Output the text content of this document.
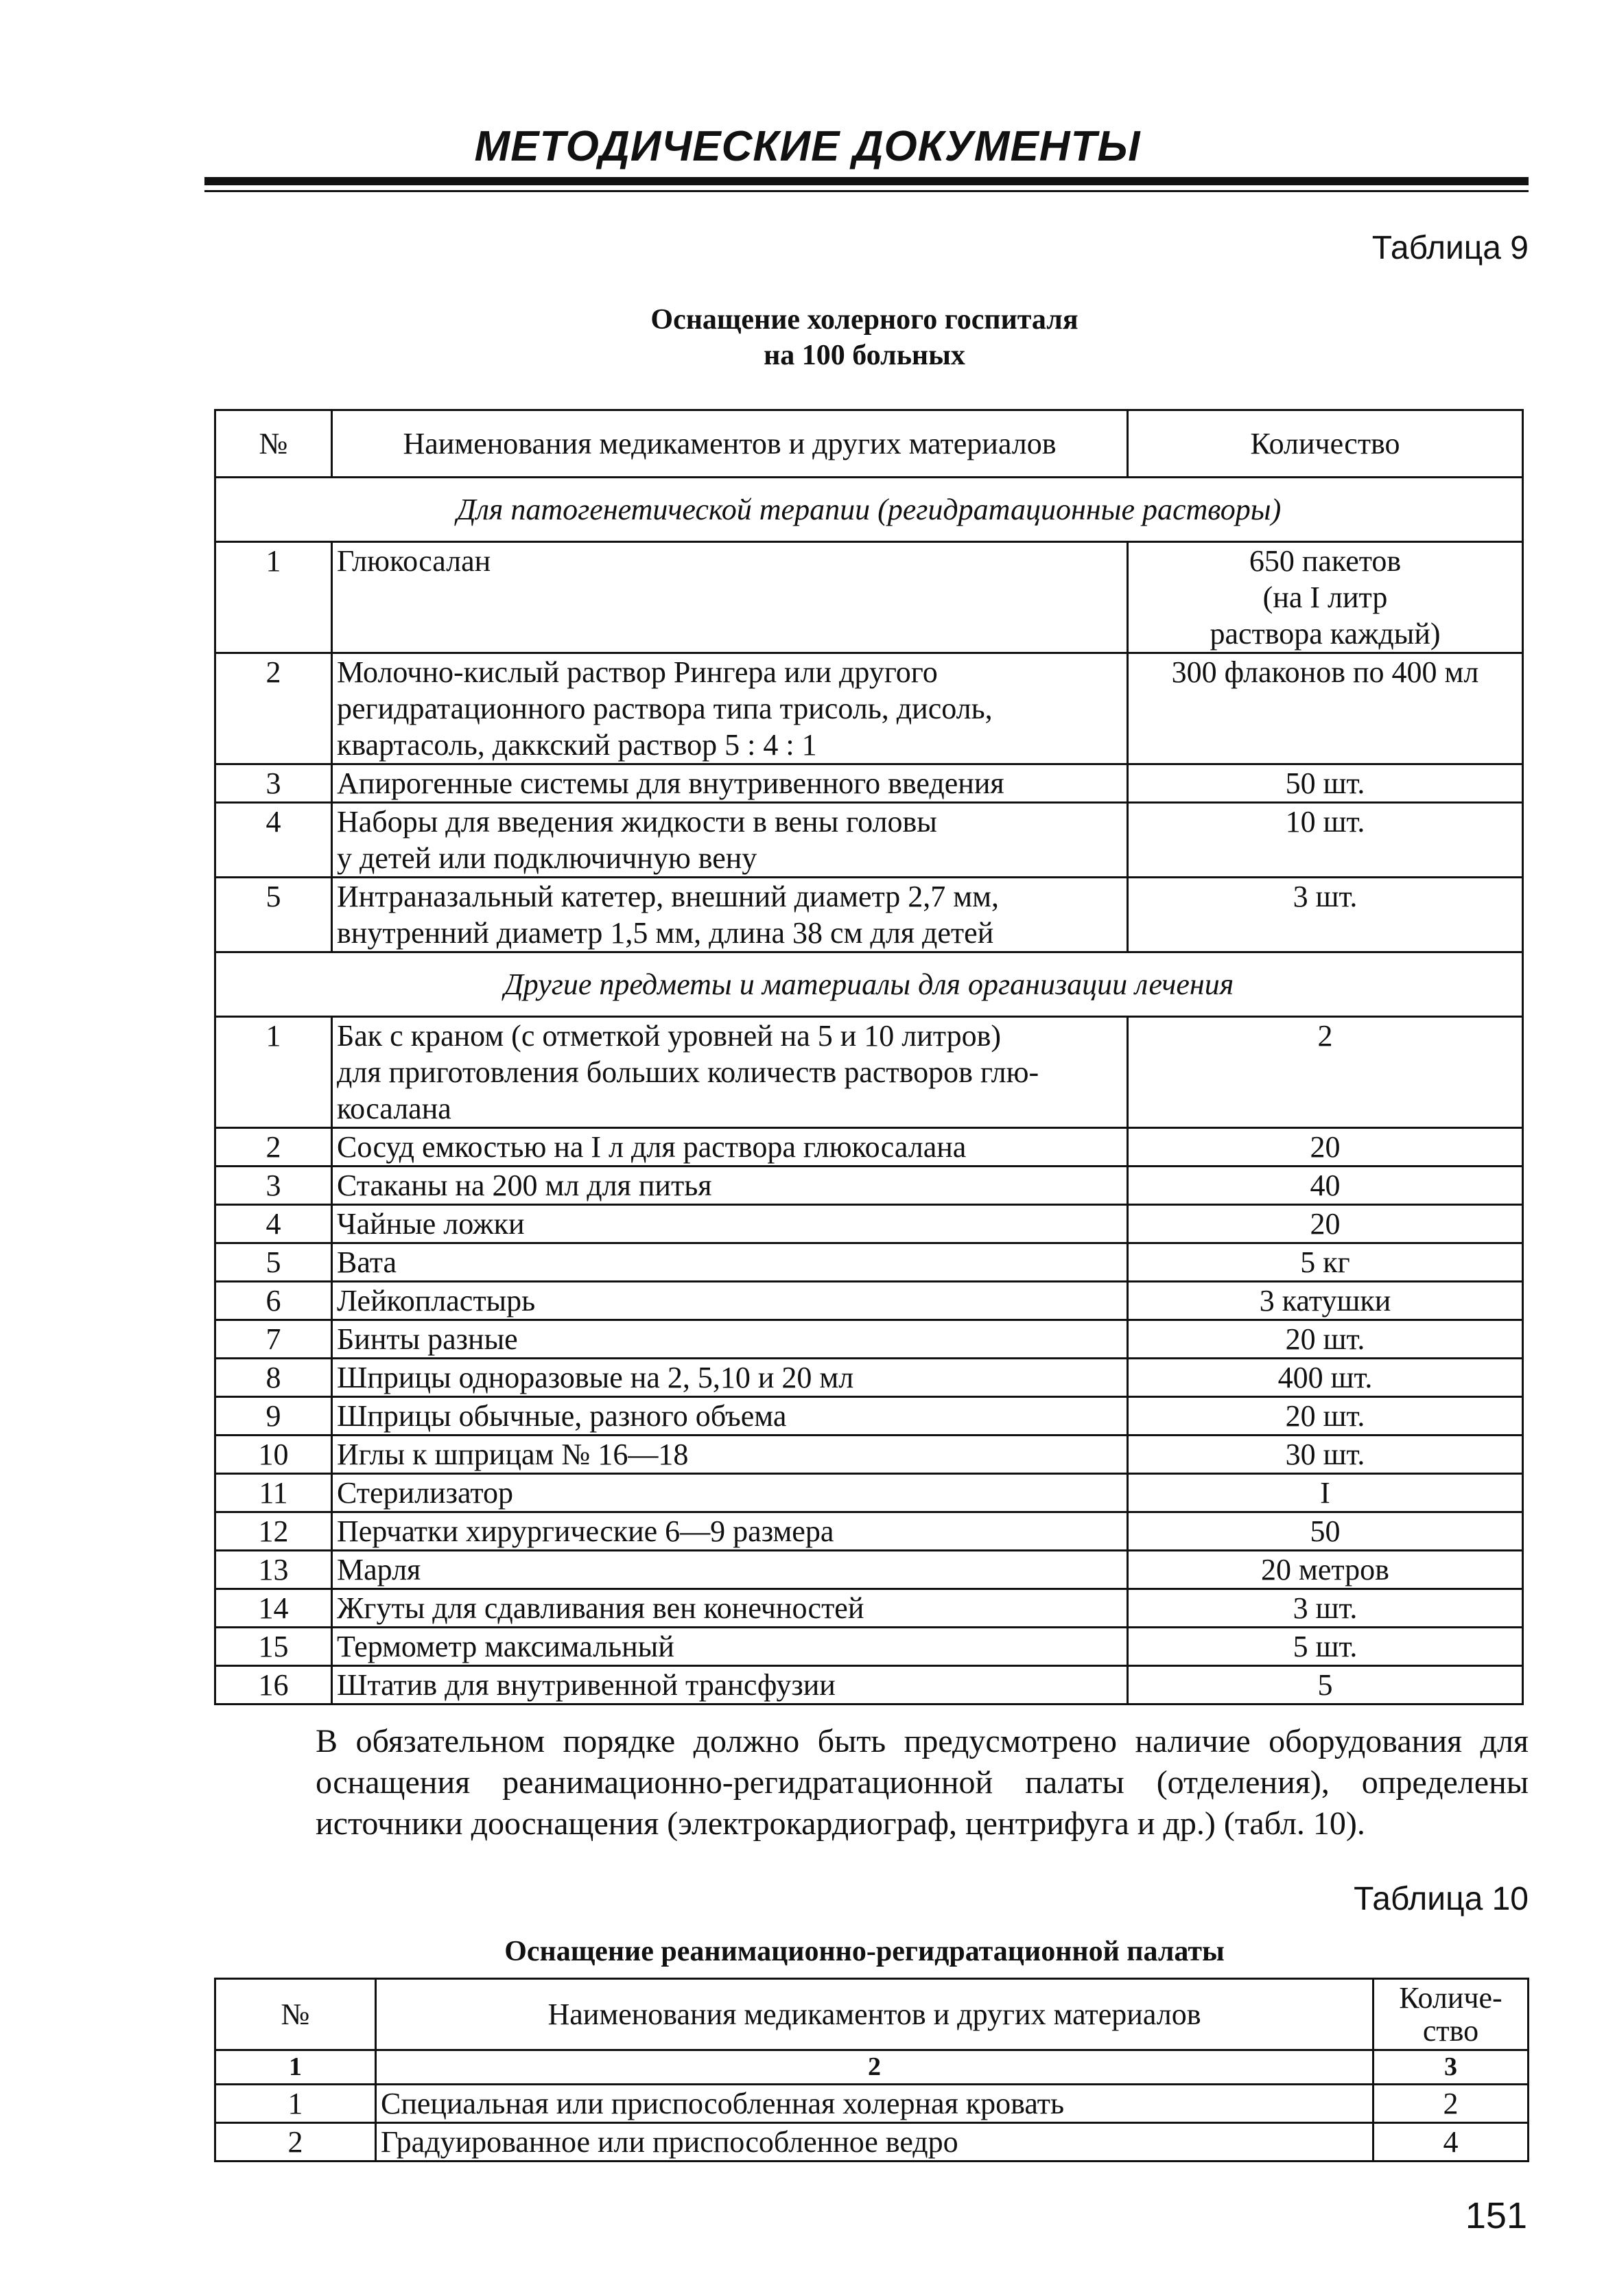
МЕТОДИЧЕСКИЕ ДОКУМЕНТЫ
Таблица 9
Оснащение холерного госпиталя
на 100 больных
№	Наименования медикаментов и других материалов	Количество
Для патогенетической терапии (регидратационные растворы)		
1	Глюкосалан	650 пакетов
(на I литр
раствора каждый)

2	Молочно-кислый раствор Рингера или другого
регидратационного раствора типа трисоль, дисоль,
квартасоль, даккский раствор 5 : 4 : 1	300 флаконов по 400 мл

3	Апирогенные системы для внутривенного введения	50 шт.

4	Наборы для введения жидкости в вены головы
у детей или подключичную вену	10 шт.

5	Интраназальный катетер, внешний диаметр 2,7 мм,
внутренний диаметр 1,5 мм, длина 38 см для детей	3 шт.

Другие предметы и материалы для организации лечения		
1	Бак с краном (с отметкой уровней на 5 и 10 литров)
для приготовления больших количеств растворов глю-
косалана	2

2	Сосуд емкостью на I л для раствора глюкосалана	20

3	Стаканы на 200 мл для питья	40

4	Чайные ложки	20

5	Вата	5 кг

6	Лейкопластырь	3 катушки

7	Бинты разные	20 шт.

8	Шприцы одноразовые на 2, 5,10 и 20 мл	400 шт.

9	Шприцы обычные, разного объема	20 шт.

10	Иглы к шприцам № 16—18	30 шт.

11	Стерилизатор	I

12	Перчатки хирургические 6—9 размера	50

13	Марля	20 метров

14	Жгуты для сдавливания вен конечностей	3 шт.

15	Термометр максимальный	5 шт.

16	Штатив для внутривенной трансфузии	5
В обязательном порядке должно быть предусмотрено наличие оборудования для оснащения реанимационно-регидратационной палаты (отделения), определены источники дооснащения (электрокардиограф, центрифуга и др.) (табл. 10).
Таблица 10
Оснащение реанимационно-регидратационной палаты
№	Наименования медикаментов и других материалов	Количе-
ство
1	2	3
1	Специальная или приспособленная холерная кровать	2
2	Градуированное или приспособленное ведро	4
151
